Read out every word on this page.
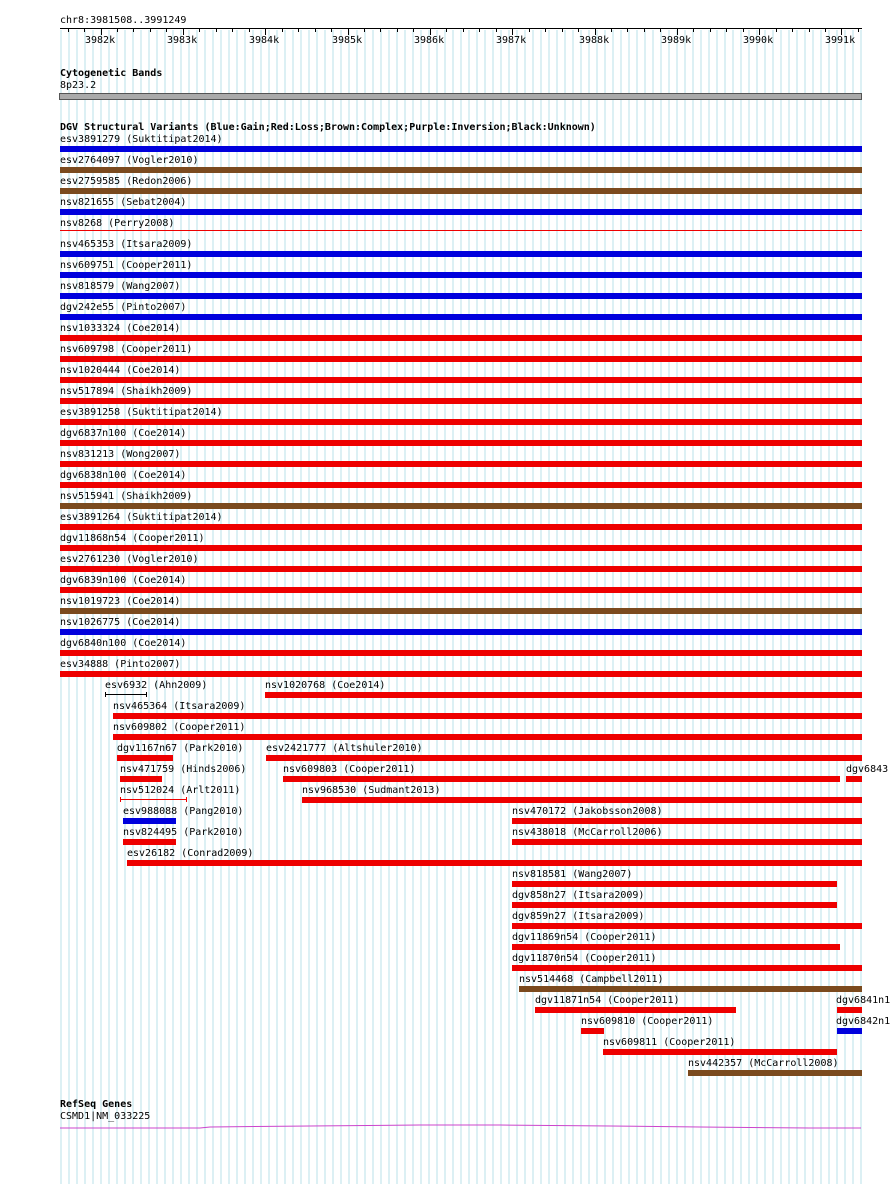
chr8:3981508..3991249
3982k	3983k	3984k	3985k	3986k	3987k	3988k	3989k	3990k	3991k
Cytogenetic Bands
8p23.2
DGV Structural Variants (Blue:Gain;Red:Loss;Brown:Complex;Purple:Inversion;Black:Unknown)
esv3891279 (Suktitipat2014)
esv2764097 (Vogler2010)
esv2759585 (Redon2006)
nsv821655 (Sebat2004)
nsv8268 (Perry2008)
nsv465353 (Itsara2009)
nsv609751 (Cooper2011)
nsv818579 (Wang2007)
dgv242e55 (Pinto2007)
nsv1033324 (Coe2014)
nsv609798 (Cooper2011)
nsv1020444 (Coe2014)
nsv517894 (Shaikh2009)
esv3891258 (Suktitipat2014)
dgv6837n100 (Coe2014)
nsv831213 (Wong2007)
dgv6838n100 (Coe2014)
nsv515941 (Shaikh2009)
esv3891264 (Suktitipat2014)
dgv11868n54 (Cooper2011)
esv2761230 (Vogler2010)
dgv6839n100 (Coe2014)
nsv1019723 (Coe2014)
nsv1026775 (Coe2014)
dgv6840n100 (Coe2014)
esv34888 (Pinto2007)
esv6932 (Ahn2009)	nsv1020768 (Coe2014)
nsv465364 (Itsara2009)
nsv609802 (Cooper2011)
dgv1167n67 (Park2010) esv2421777 (Altshuler2010)
nsv471759 (Hinds2006)	nsv609803 (Cooper2011)	dgv6843
nsv512024 (Arlt2011)	nsv968530 (Sudmant2013)
esv988088 (Pang2010)	nsv470172 (Jakobsson2008)
nsv824495 (Park2010)	nsv438018 (McCarroll2006)
esv26182 (Conrad2009)
nsv818581 (Wang2007)
dgv858n27 (Itsara2009)
dgv859n27 (Itsara2009)
dgv11869n54 (Cooper2011)
dgv11870n54 (Cooper2011)
nsv514468 (Campbell2011)
dgv11871n54 (Cooper2011)	dgv6841n1
nsv609810 (Cooper2011)	dgv6842n1
nsv609811 (Cooper2011)
nsv442357 (McCarroll2008)
RefSeq Genes
CSMD1|NM_033225
